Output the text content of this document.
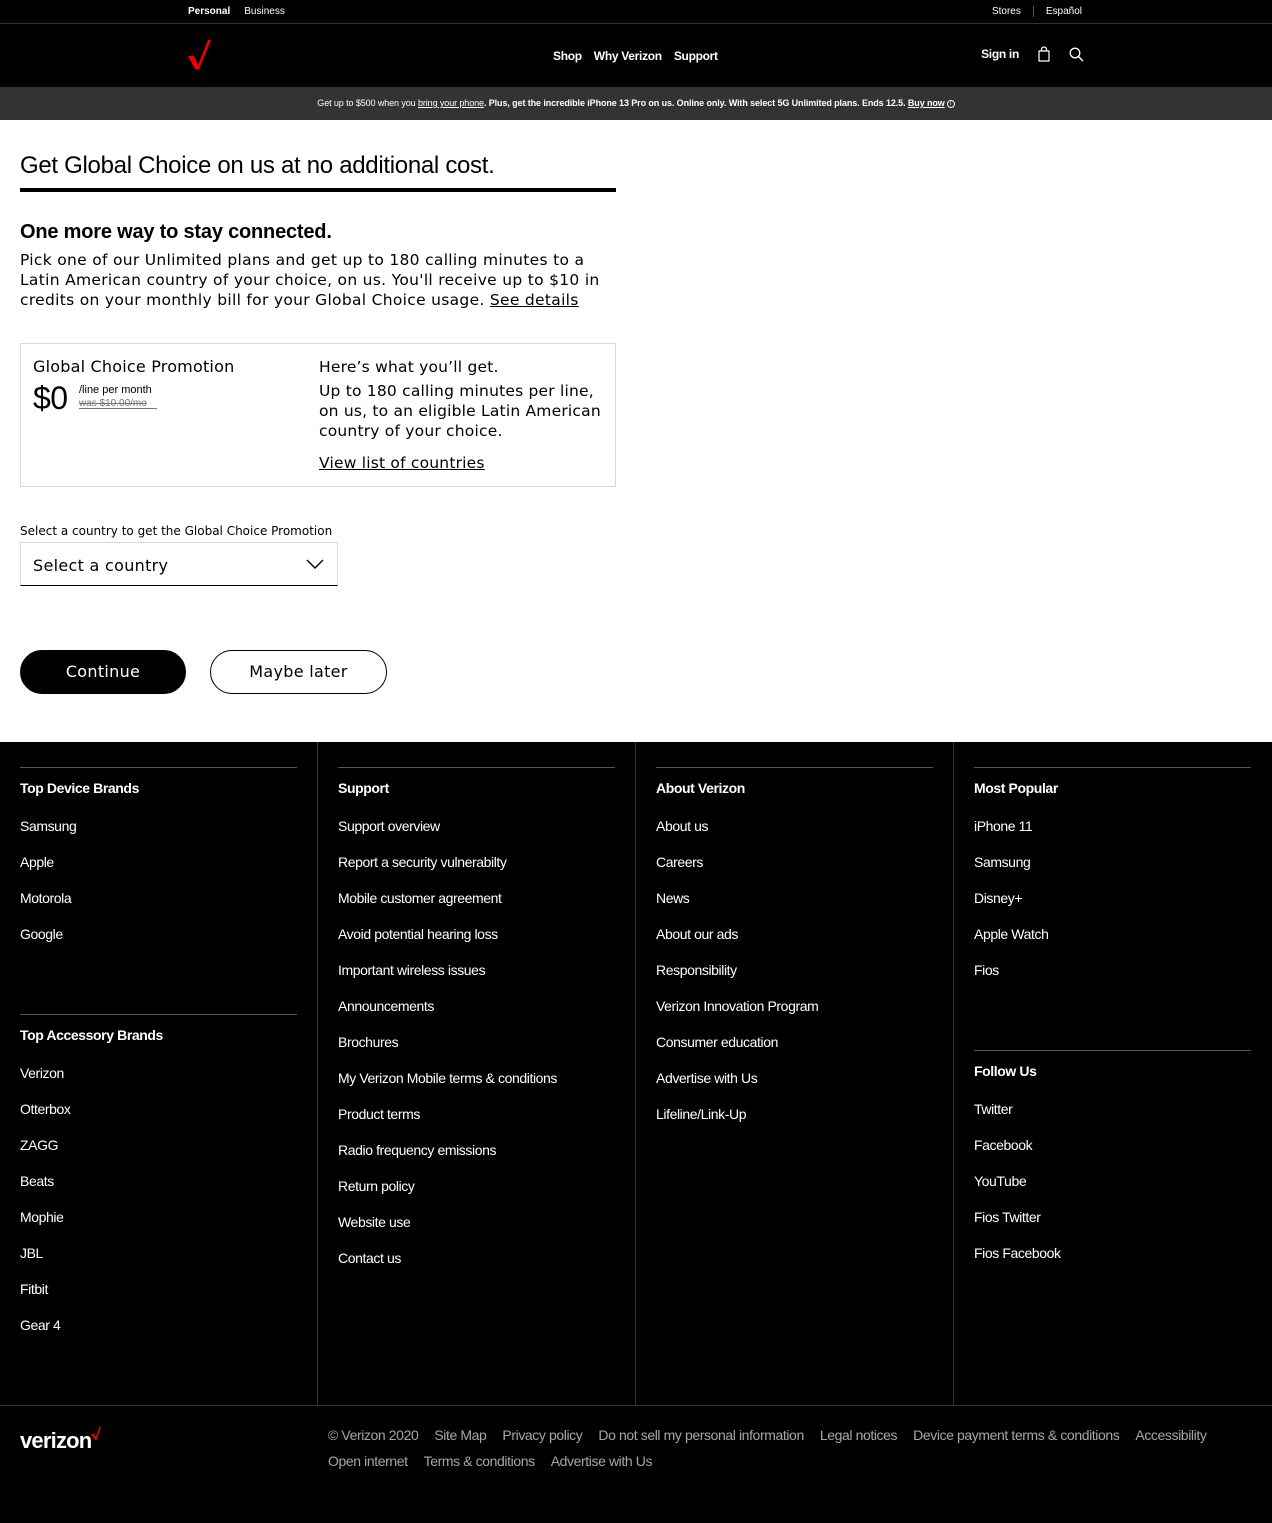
Personal Business	Stores	Español
Shop Why Verizon Support	Sign in
Get up to $500 when you bring your phone. Plus, get the incredible iPhone 13 Pro on us. Online only. With select 5G Unlimited plans. Ends 12.5. Buy now i
Get Global Choice on us at no additional cost.
One more way to stay connected.

Pick one of our Unlimited plans and get up to 180 calling minutes to a Latin American country of your choice, on us. You'll receive up to $10 in credits on your monthly bill for your Global Choice usage. See details

Global Choice Promotion
$0 /line per month
was $10.00/mo
Here’s what you’ll get.
Up to 180 calling minutes per line, on us, to an eligible Latin American country of your choice.
View list of countries
Select a country to get the Global Choice Promotion
Select a country
Continue	Maybe later
Top Device Brands
Samsung
Apple
Motorola
Google
Top Accessory Brands
Verizon
Otterbox
ZAGG
Beats
Mophie
JBL
Fitbit
Gear 4
Support
Support overview
Report a security vulnerabilty
Mobile customer agreement
Avoid potential hearing loss
Important wireless issues
Announcements
Brochures
My Verizon Mobile terms & conditions
Product terms
Radio frequency emissions
Return policy
Website use
Contact us
About Verizon
About us
Careers
News
About our ads
Responsibility
Verizon Innovation Program
Consumer education
Advertise with Us
Lifeline/Link-Up
Most Popular
iPhone 11
Samsung
Disney+
Apple Watch
Fios
Follow Us
Twitter
Facebook
YouTube
Fios Twitter
Fios Facebook
verizon	© Verizon 2020 Site Map Privacy policy Do not sell my personal information Legal notices Device payment terms & conditions Accessibility
Open internet Terms & conditions Advertise with Us
